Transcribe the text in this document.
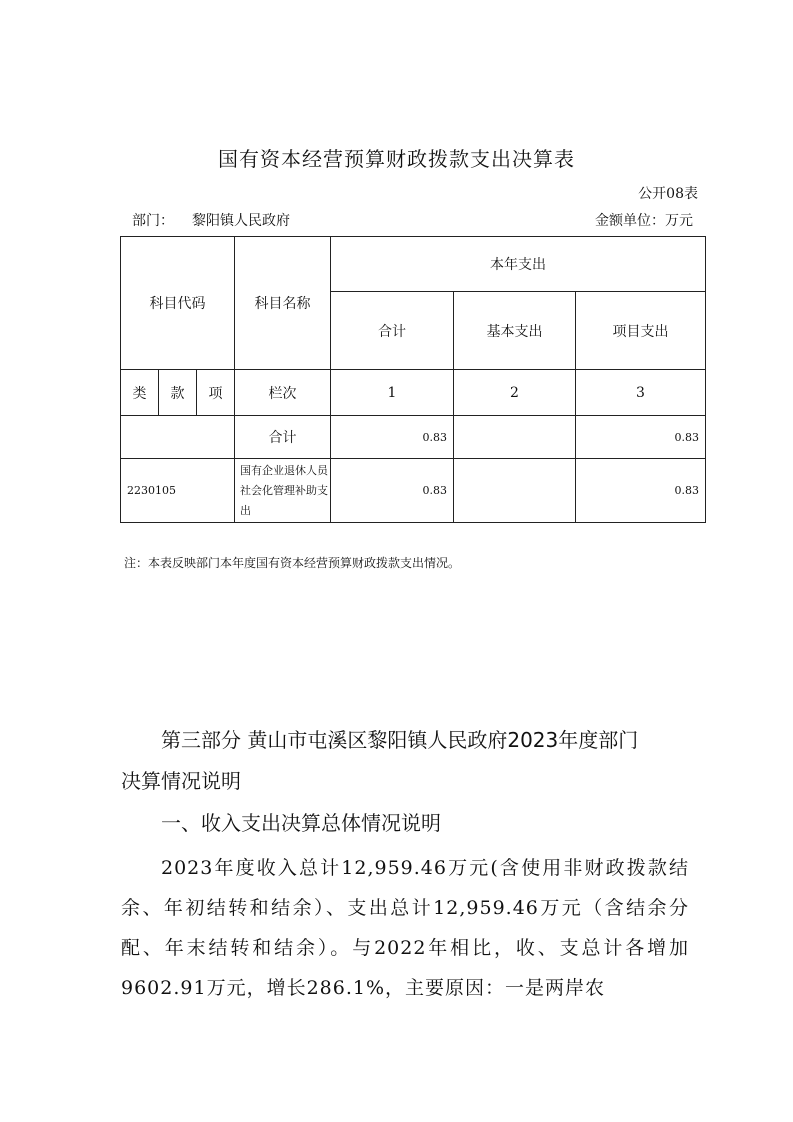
国有资本经营预算财政拨款支出决算表
公开08表
部门： 黎阳镇人民政府	金额单位：万元
科目代码			科目名称	本年支出		
				合计	基本支出	项目支出
类	款	项	栏次	1	2	3
			合计	0.83		0.83
2230105			国有企业退休人员社会化管理补助支出	0.83		0.83
注：本表反映部门本年度国有资本经营预算财政拨款支出情况。
第三部分 黄山市屯溪区黎阳镇人民政府2023年度部门
决算情况说明
一、收入支出决算总体情况说明
2023年度收入总计12,959.46万元(含使用非财政拨款结余、年初结转和结余）、支出总计12,959.46万元（含结余分配、年末结转和结余）。与2022年相比，收、支总计各增加9602.91万元，增长286.1%，主要原因：一是两岸农
